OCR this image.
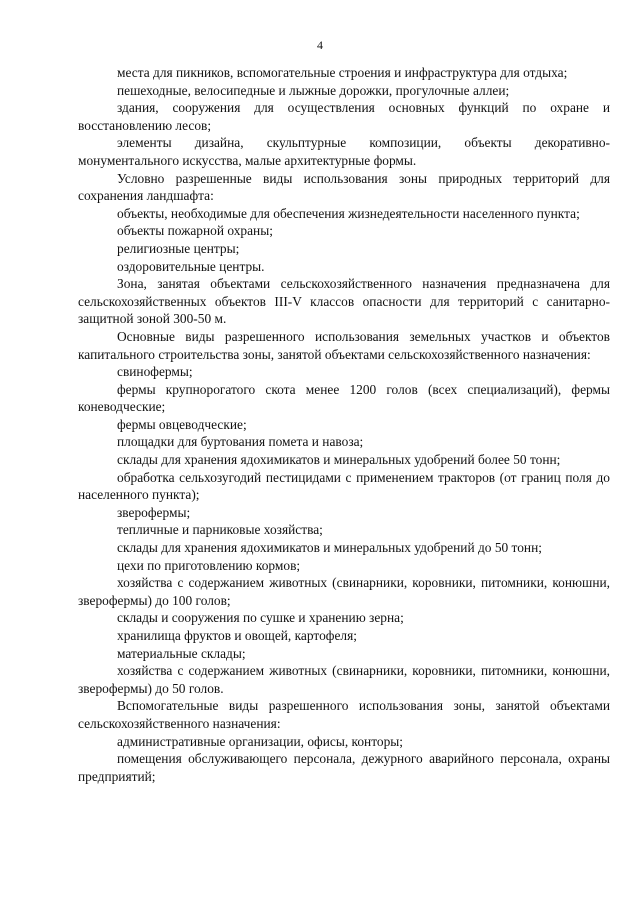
4

места для пикников, вспомогательные строения и инфраструктура для отдыха;

пешеходные, велосипедные и лыжные дорожки, прогулочные аллеи;

здания, сооружения для осуществления основных функций по охране и восстановлению лесов;

элементы дизайна, скульптурные композиции, объекты декоративно-монументального искусства, малые архитектурные формы.

Условно разрешенные виды использования зоны природных территорий для сохранения ландшафта:

объекты, необходимые для обеспечения жизнедеятельности населенного пункта;

объекты пожарной охраны;

религиозные центры;

оздоровительные центры.

Зона, занятая объектами сельскохозяйственного назначения предназначена для сельскохозяйственных объектов III-V классов опасности для территорий с санитарно-защитной зоной 300-50 м.

Основные виды разрешенного использования земельных участков и объектов капитального строительства зоны, занятой объектами сельскохозяйственного назначения:

свинофермы;

фермы крупнорогатого скота менее 1200 голов (всех специализаций), фермы коневодческие;

фермы овцеводческие;

площадки для буртования помета и навоза;

склады для хранения ядохимикатов и минеральных удобрений более 50 тонн;

обработка сельхозугодий пестицидами с применением тракторов (от границ поля до населенного пункта);

зверофермы;

тепличные и парниковые хозяйства;

склады для хранения ядохимикатов и минеральных удобрений до 50 тонн;

цехи по приготовлению кормов;

хозяйства с содержанием животных (свинарники, коровники, питомники, конюшни, зверофермы) до 100 голов;

склады и сооружения по сушке и хранению зерна;

хранилища фруктов и овощей, картофеля;

материальные склады;

хозяйства с содержанием животных (свинарники, коровники, питомники, конюшни, зверофермы) до 50 голов.

Вспомогательные виды разрешенного использования зоны, занятой объектами сельскохозяйственного назначения:

административные организации, офисы, конторы;

помещения обслуживающего персонала, дежурного аварийного персонала, охраны предприятий;
